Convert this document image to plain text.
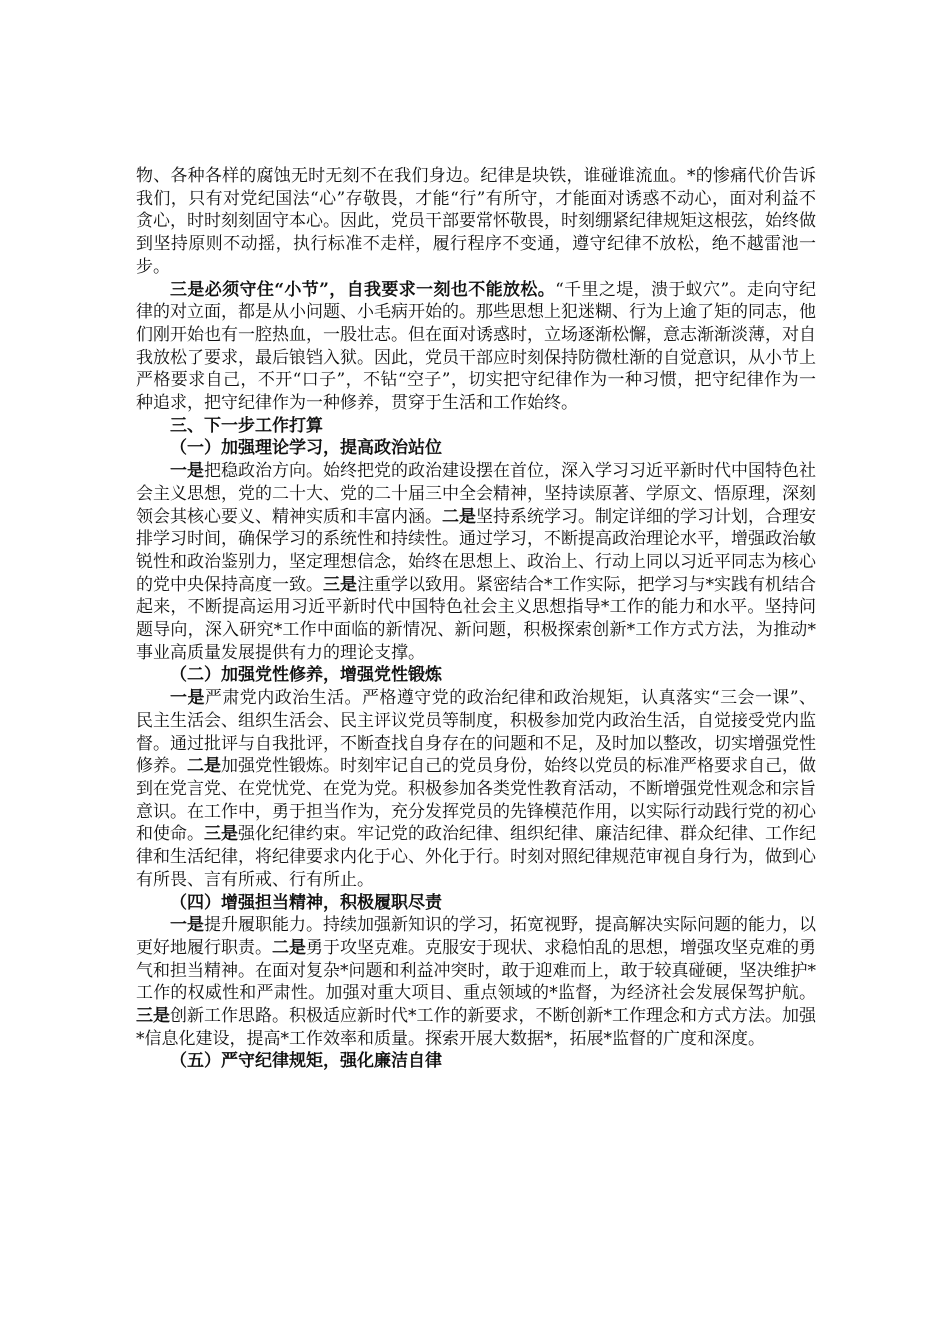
物、各种各样的腐蚀无时无刻不在我们身边。纪律是块铁，谁碰谁流血。*的惨痛代价告诉我们，只有对党纪国法“心”存敬畏，才能“行”有所守，才能面对诱惑不动心，面对利益不贪心，时时刻刻固守本心。因此，党员干部要常怀敬畏，时刻绷紧纪律规矩这根弦，始终做到坚持原则不动摇，执行标准不走样，履行程序不变通，遵守纪律不放松，绝不越雷池一步。

三是必须守住“小节”，自我要求一刻也不能放松。“千里之堤，溃于蚁穴”。走向守纪律的对立面，都是从小问题、小毛病开始的。那些思想上犯迷糊、行为上逾了矩的同志，他们刚开始也有一腔热血，一股壮志。但在面对诱惑时，立场逐渐松懈，意志渐渐淡薄，对自我放松了要求，最后锒铛入狱。因此，党员干部应时刻保持防微杜渐的自觉意识，从小节上严格要求自己，不开“口子”，不钻“空子”，切实把守纪律作为一种习惯，把守纪律作为一种追求，把守纪律作为一种修养，贯穿于生活和工作始终。

三、下一步工作打算

（一）加强理论学习，提高政治站位

一是把稳政治方向。始终把党的政治建设摆在首位，深入学习习近平新时代中国特色社会主义思想，党的二十大、党的二十届三中全会精神，坚持读原著、学原文、悟原理，深刻领会其核心要义、精神实质和丰富内涵。二是坚持系统学习。制定详细的学习计划，合理安排学习时间，确保学习的系统性和持续性。通过学习，不断提高政治理论水平，增强政治敏锐性和政治鉴别力，坚定理想信念，始终在思想上、政治上、行动上同以习近平同志为核心的党中央保持高度一致。三是注重学以致用。紧密结合*工作实际，把学习与*实践有机结合起来，不断提高运用习近平新时代中国特色社会主义思想指导*工作的能力和水平。坚持问题导向，深入研究*工作中面临的新情况、新问题，积极探索创新*工作方式方法，为推动*事业高质量发展提供有力的理论支撑。

（二）加强党性修养，增强党性锻炼

一是严肃党内政治生活。严格遵守党的政治纪律和政治规矩，认真落实“三会一课”、民主生活会、组织生活会、民主评议党员等制度，积极参加党内政治生活，自觉接受党内监督。通过批评与自我批评，不断查找自身存在的问题和不足，及时加以整改，切实增强党性修养。二是加强党性锻炼。时刻牢记自己的党员身份，始终以党员的标准严格要求自己，做到在党言党、在党忧党、在党为党。积极参加各类党性教育活动，不断增强党性观念和宗旨意识。在工作中，勇于担当作为，充分发挥党员的先锋模范作用，以实际行动践行党的初心和使命。三是强化纪律约束。牢记党的政治纪律、组织纪律、廉洁纪律、群众纪律、工作纪律和生活纪律，将纪律要求内化于心、外化于行。时刻对照纪律规范审视自身行为，做到心有所畏、言有所戒、行有所止。

（四）增强担当精神，积极履职尽责

一是提升履职能力。持续加强新知识的学习，拓宽视野，提高解决实际问题的能力，以更好地履行职责。二是勇于攻坚克难。克服安于现状、求稳怕乱的思想，增强攻坚克难的勇气和担当精神。在面对复杂*问题和利益冲突时，敢于迎难而上，敢于较真碰硬，坚决维护*工作的权威性和严肃性。加强对重大项目、重点领域的*监督，为经济社会发展保驾护航。三是创新工作思路。积极适应新时代*工作的新要求，不断创新*工作理念和方式方法。加强*信息化建设，提高*工作效率和质量。探索开展大数据*，拓展*监督的广度和深度。

（五）严守纪律规矩，强化廉洁自律
